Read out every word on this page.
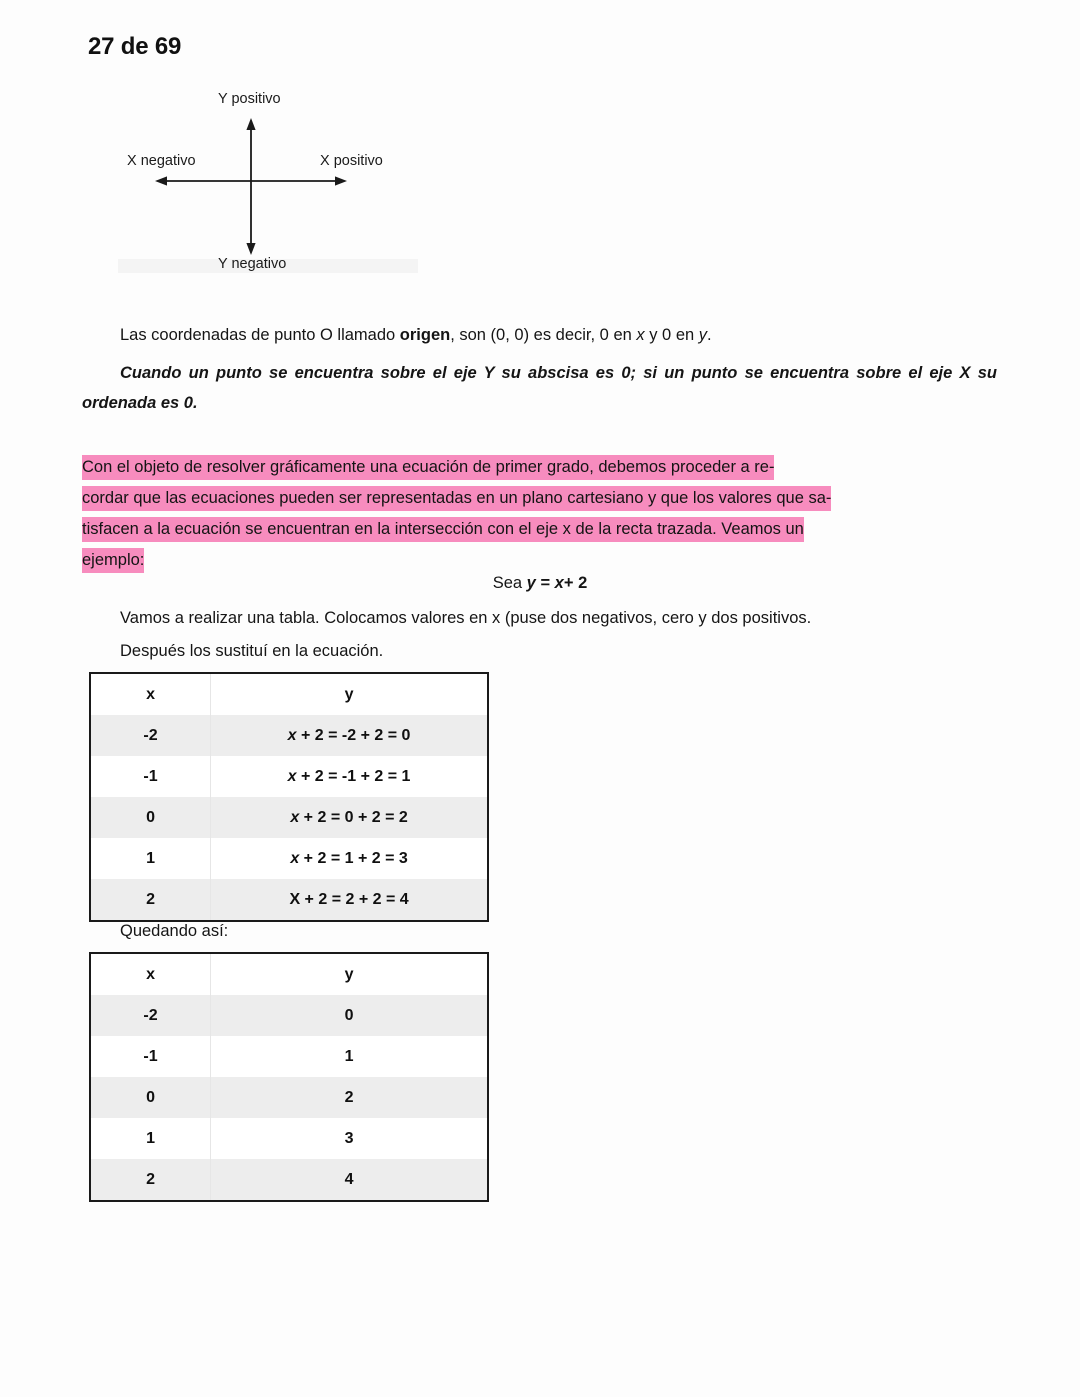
27 de 69
Y positivo
Y negativo
X negativo	X positivo
Las coordenadas de punto O llamado origen, son (0, 0) es decir, 0 en x y 0 en y.
Cuando un punto se encuentra sobre el eje Y su abscisa es 0; si un punto se encuentra sobre el eje X su ordenada es 0.
Con el objeto de resolver gráficamente una ecuación de primer grado, debemos proceder a re-
cordar que las ecuaciones pueden ser representadas en un plano cartesiano y que los valores que sa-
tisfacen a la ecuación se encuentran en la intersección con el eje x de la recta trazada. Veamos un
ejemplo:
Sea y = x+ 2
Vamos a realizar una tabla. Colocamos valores en x (puse dos negativos, cero y dos positivos.
Después los sustituí en la ecuación.
x	y
-2	x + 2 = -2 + 2 = 0
-1	x + 2 = -1 + 2 = 1
0	x + 2 = 0 + 2 = 2
1	x + 2 = 1 + 2 = 3
2	X + 2 = 2 + 2 = 4
Quedando así:
x	y
-2	0
-1	1
0	2
1	3
2	4
